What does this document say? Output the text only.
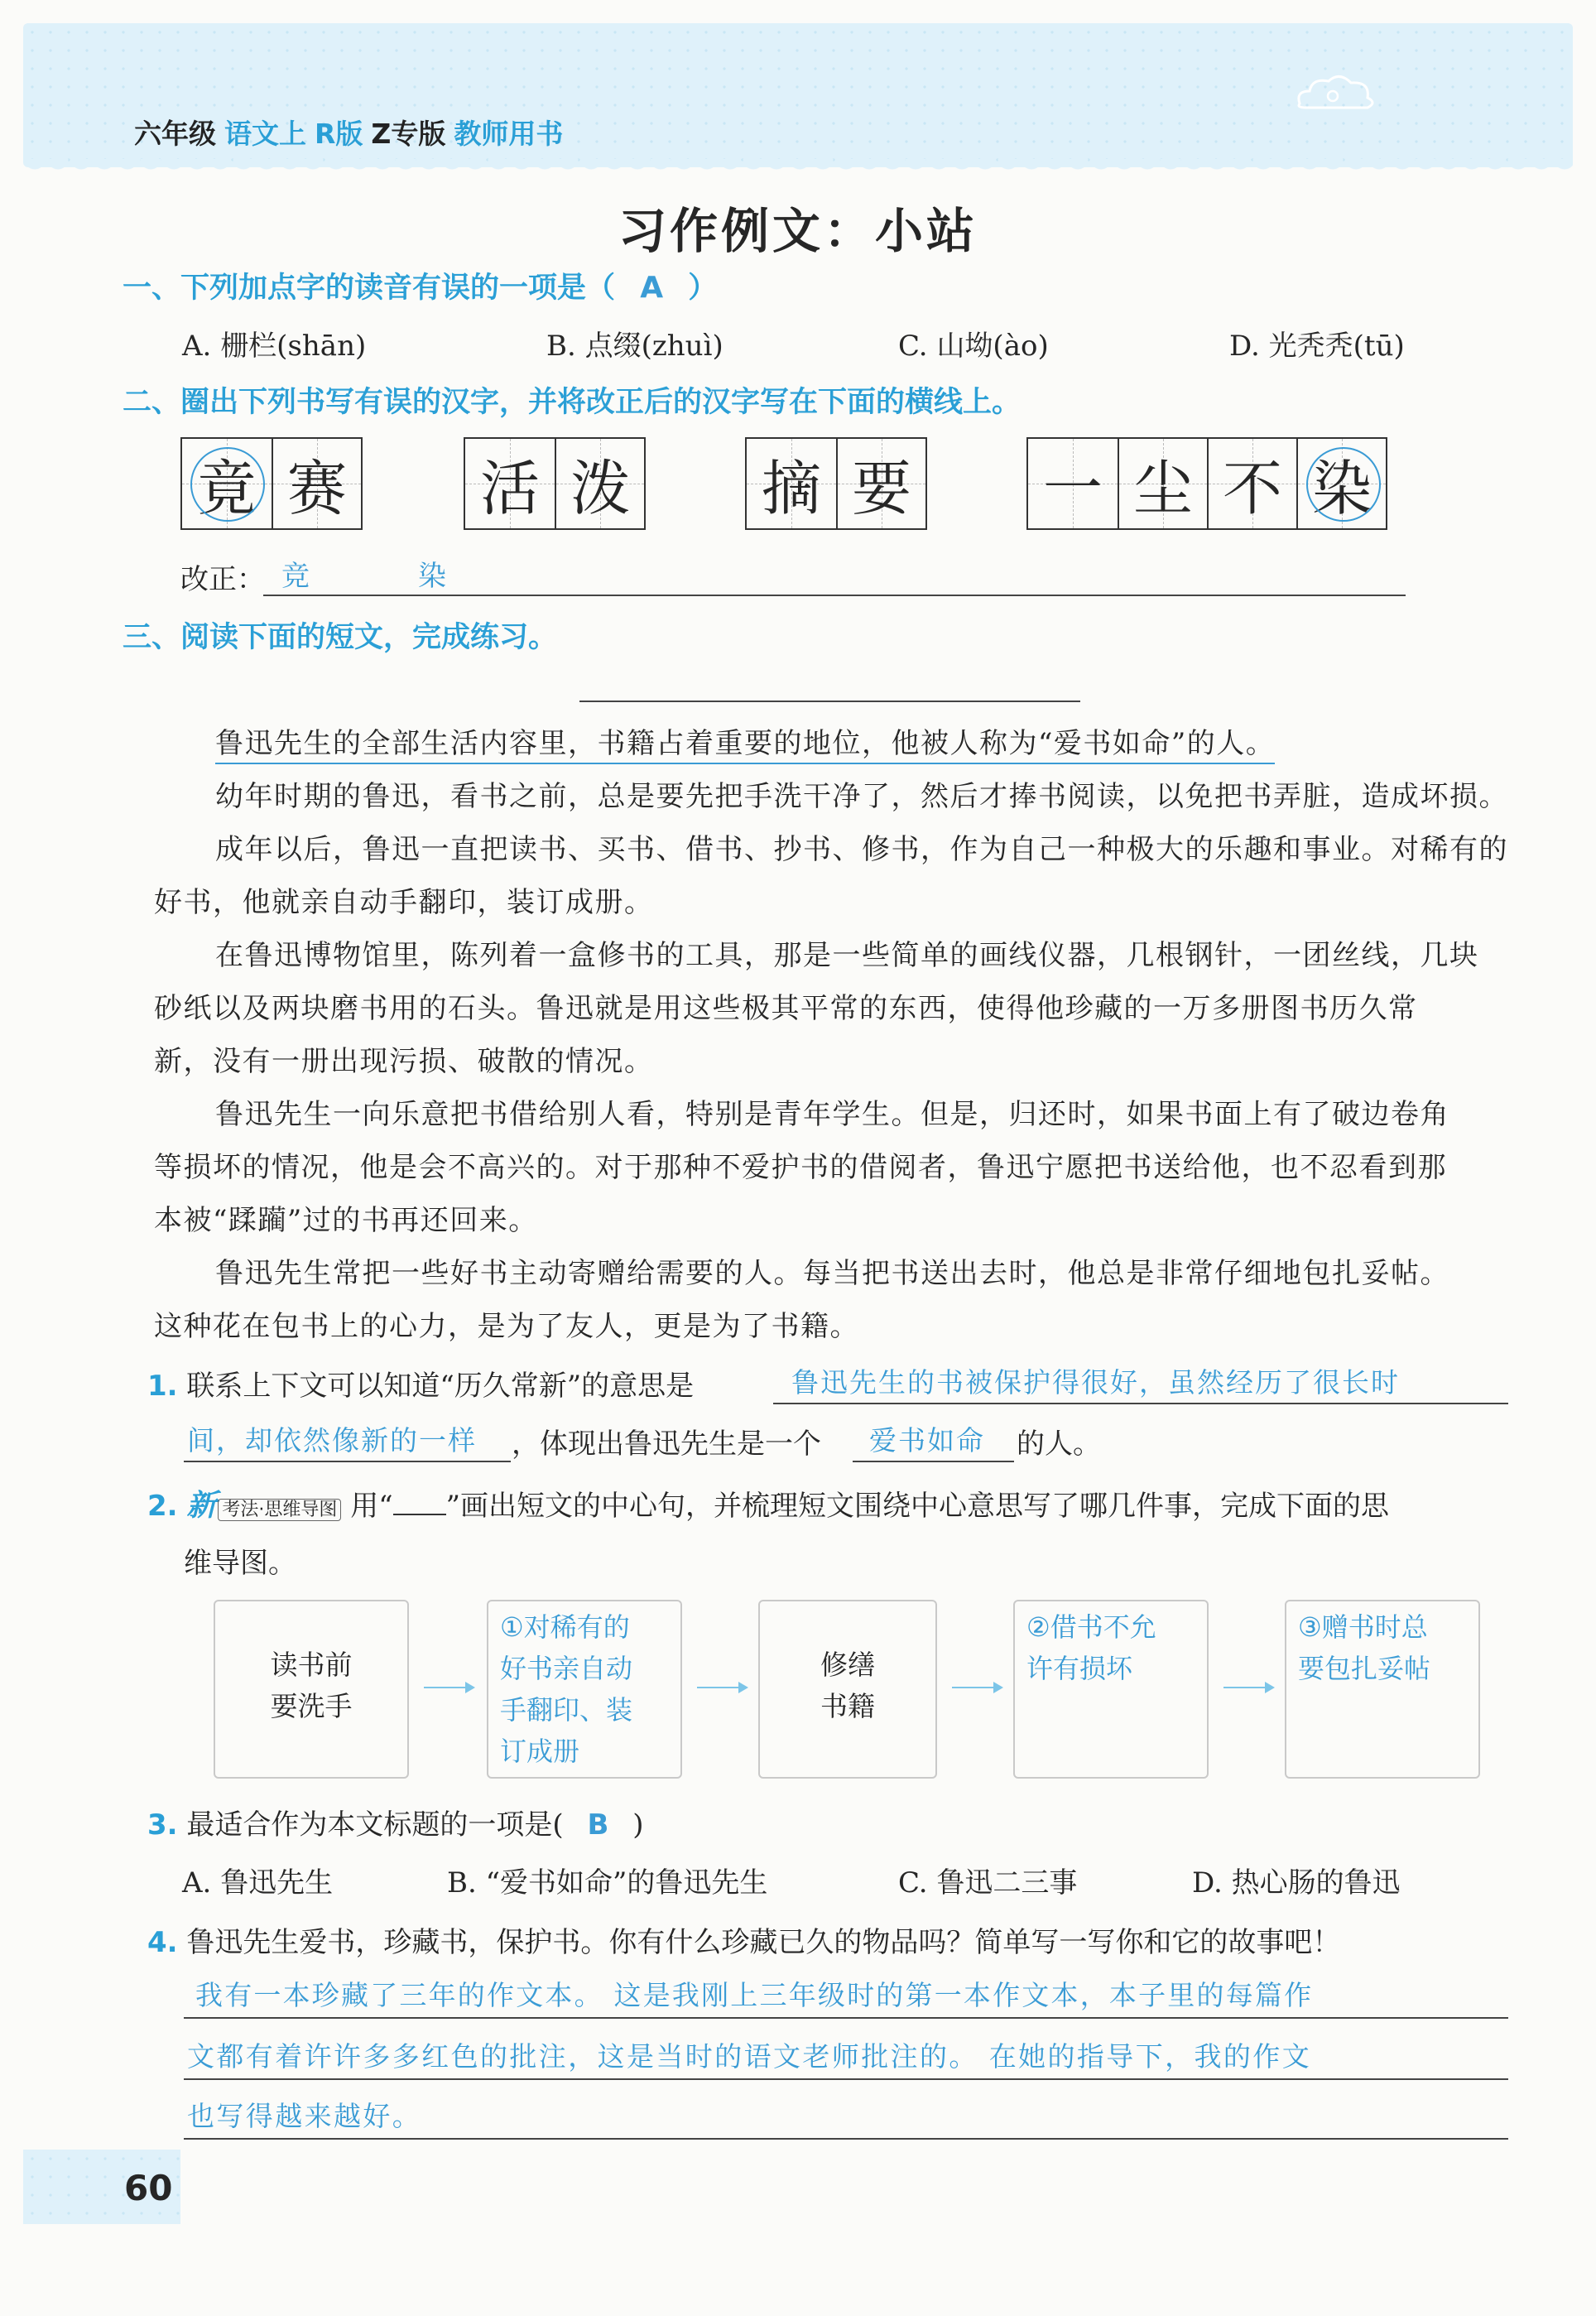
六年级 语文上 R版 Z专版 教师用书
习作例文：小站
一、下列加点字的读音有误的一项是（ A ）
A. 栅栏(shān)	B. 点缀(zhuì)	C. 山坳(ào)	D. 光秃秃(tū)
二、圈出下列书写有误的汉字，并将改正后的汉字写在下面的横线上。
竟 赛 活 泼 摘 要 一 尘 不 染
改正： 竞	染
三、阅读下面的短文，完成练习。
鲁迅先生的全部生活内容里，书籍占着重要的地位，他被人称为“爱书如命”的人。
幼年时期的鲁迅，看书之前，总是要先把手洗干净了，然后才捧书阅读，以免把书弄脏，造成坏损。
成年以后，鲁迅一直把读书、买书、借书、抄书、修书，作为自己一种极大的乐趣和事业。对稀有的
好书，他就亲自动手翻印，装订成册。
在鲁迅博物馆里，陈列着一盒修书的工具，那是一些简单的画线仪器，几根钢针，一团丝线，几块
砂纸以及两块磨书用的石头。鲁迅就是用这些极其平常的东西，使得他珍藏的一万多册图书历久常
新，没有一册出现污损、破散的情况。
鲁迅先生一向乐意把书借给别人看，特别是青年学生。但是，归还时，如果书面上有了破边卷角
等损坏的情况，他是会不高兴的。对于那种不爱护书的借阅者，鲁迅宁愿把书送给他，也不忍看到那
本被“蹂躏”过的书再还回来。
鲁迅先生常把一些好书主动寄赠给需要的人。每当把书送出去时，他总是非常仔细地包扎妥帖。
这种花在包书上的心力，是为了友人，更是为了书籍。
1. 联系上下文可以知道“历久常新”的意思是	鲁迅先生的书被保护得很好，虽然经历了很长时
间，却依然像新的一样 ，体现出鲁迅先生是一个 爱书如命 的人。
2. 新 考法·思维导图 用“ ”画出短文的中心句，并梳理短文围绕中心意思写了哪几件事，完成下面的思
维导图。
读书前
要洗手
①对稀有的
好书亲自动
手翻印、装
订成册
修缮
书籍
②借书不允
许有损坏
③赠书时总
要包扎妥帖
3. 最适合作为本文标题的一项是( B )
A. 鲁迅先生	B. “爱书如命”的鲁迅先生	C. 鲁迅二三事	D. 热心肠的鲁迅
4. 鲁迅先生爱书，珍藏书，保护书。你有什么珍藏已久的物品吗？简单写一写你和它的故事吧！
我有一本珍藏了三年的作文本。 这是我刚上三年级时的第一本作文本，本子里的每篇作
文都有着许许多多红色的批注，这是当时的语文老师批注的。 在她的指导下，我的作文
也写得越来越好。
60
